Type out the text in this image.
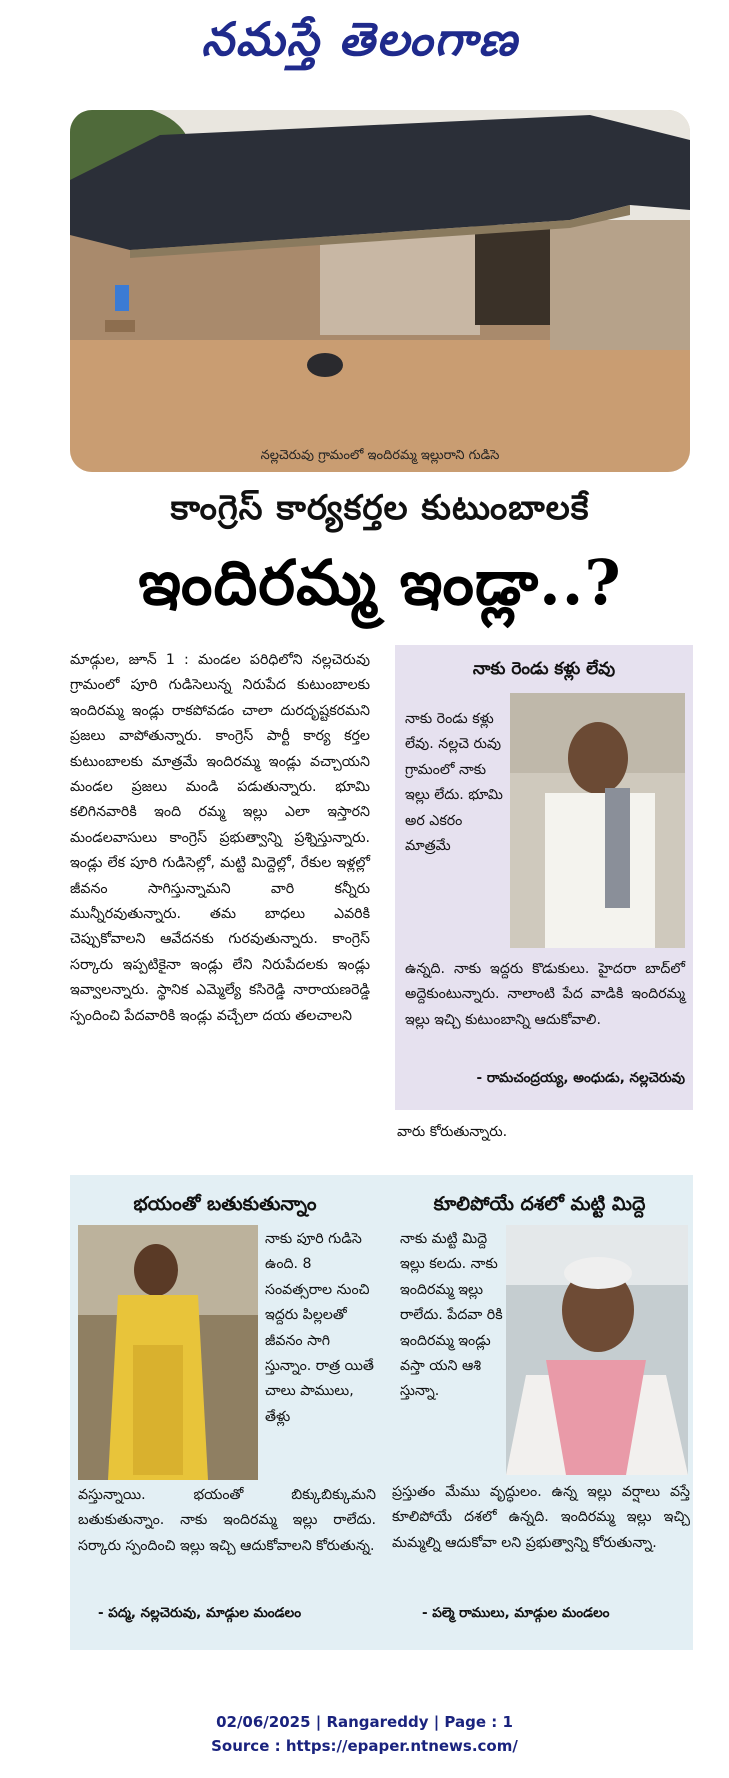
నమస్తే తెలంగాణ
నల్లచెరువు గ్రామంలో ఇందిరమ్మ ఇల్లురాని గుడిసె
కాంగ్రెస్ కార్యకర్తల కుటుంబాలకే
ఇందిరమ్మ ఇండ్లా..?
మాడ్గుల, జూన్ 1 : మండల పరిధిలోని నల్లచెరువు గ్రామంలో పూరి గుడిసెలున్న నిరుపేద కుటుంబాలకు ఇందిరమ్మ ఇండ్లు రాకపోవడం చాలా దురదృష్టకరమని ప్రజలు వాపోతున్నారు. కాంగ్రెస్ పార్టీ కార్య కర్తల కుటుంబాలకు మాత్రమే ఇందిరమ్మ ఇండ్లు వచ్చాయని మండల ప్రజలు మండి పడుతున్నారు. భూమి కలిగినవారికి ఇంది రమ్మ ఇల్లు ఎలా ఇస్తారని మండలవాసులు కాంగ్రెస్ ప్రభుత్వాన్ని ప్రశ్నిస్తున్నారు. ఇండ్లు లేక పూరి గుడిసెల్లో, మట్టి మిద్దెల్లో, రేకుల ఇళ్లల్లో జీవనం సాగిస్తున్నామని వారి కన్నీరు మున్నీరవుతున్నారు. తమ బాధలు ఎవరికి చెప్పుకోవాలని ఆవేదనకు గురవుతున్నారు. కాంగ్రెస్ సర్కారు ఇప్పటికైనా ఇండ్లు లేని నిరుపేదలకు ఇండ్లు ఇవ్వాలన్నారు. స్థానిక ఎమ్మెల్యే కసిరెడ్డి నారాయణరెడ్డి స్పందించి పేదవారికి ఇండ్లు వచ్చేలా దయ తలచాలని
నాకు రెండు కళ్లు లేవు
నాకు రెండు కళ్లు లేవు. నల్లచె రువు గ్రామంలో నాకు ఇల్లు లేదు. భూమి అర ఎకరం మాత్రమే
ఉన్నది. నాకు ఇద్దరు కొడుకులు. హైదరా బాద్‌లో అద్దెకుంటున్నారు. నాలాంటి పేద వాడికి ఇందిరమ్మ ఇల్లు ఇచ్చి కుటుంబాన్ని ఆదుకోవాలి.
- రామచంద్రయ్య, అంధుడు, నల్లచెరువు
వారు కోరుతున్నారు.
భయంతో బతుకుతున్నాం
నాకు పూరి గుడిసె ఉంది. 8 సంవత్సరాల నుంచి ఇద్దరు పిల్లలతో జీవనం సాగి స్తున్నాం. రాత్ర యితే చాలు పాములు, తేళ్లు
వస్తున్నాయి. భయంతో బిక్కుబిక్కుమని బతుకుతున్నాం. నాకు ఇందిరమ్మ ఇల్లు రాలేదు. సర్కారు స్పందించి ఇల్లు ఇచ్చి ఆదుకోవాలని కోరుతున్న.
- పద్మ, నల్లచెరువు, మాడ్గుల మండలం
కూలిపోయే దశలో మట్టి మిద్దె
నాకు మట్టి మిద్దె ఇల్లు కలదు. నాకు ఇందిరమ్మ ఇల్లు రాలేదు. పేదవా రికి ఇందిరమ్మ ఇండ్లు వస్తా యని ఆశి స్తున్నా.
ప్రస్తుతం మేము వృద్ధులం. ఉన్న ఇల్లు వర్షాలు వస్తే కూలిపోయే దశలో ఉన్నది. ఇందిరమ్మ ఇల్లు ఇచ్చి మమ్మల్ని ఆదుకోవా లని ప్రభుత్వాన్ని కోరుతున్నా.
- పల్మె రాములు, మాడ్గుల మండలం
02/06/2025 | Rangareddy | Page : 1
Source : https://epaper.ntnews.com/
